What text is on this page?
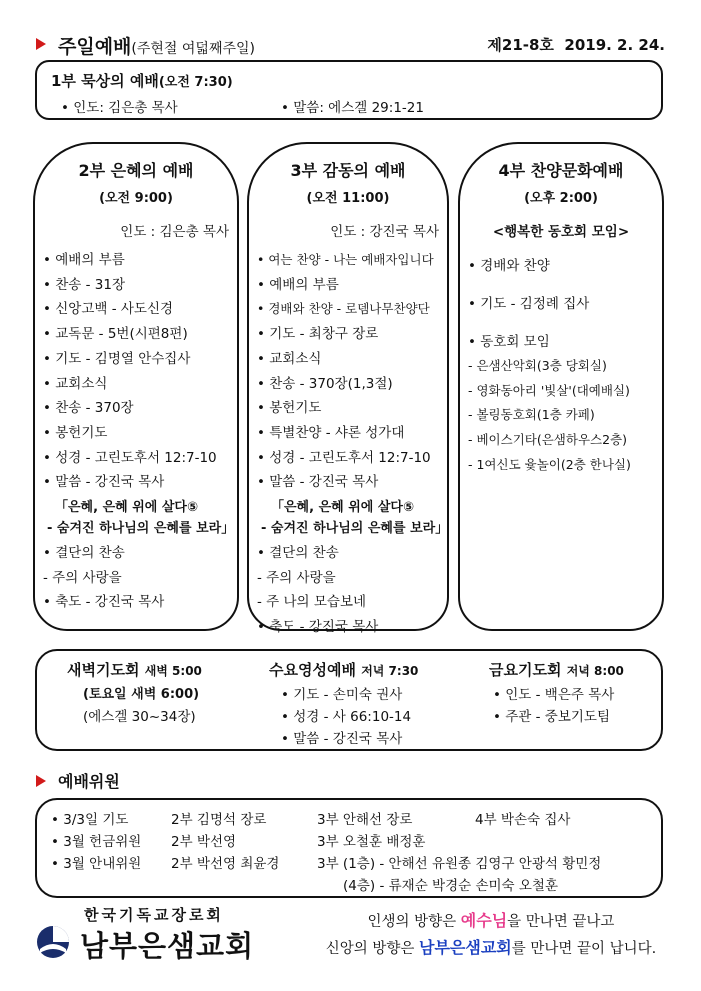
주일예배(주현절 여덟째주일)	제21-8호 2019. 2. 24.
1부 묵상의 예배(오전 7:30)
• 인도: 김은총 목사	• 말씀: 에스겔 29:1-21
2부 은혜의 예배
(오전 9:00)
인도 : 김은총 목사
• 예배의 부름
• 찬송 - 31장
• 신앙고백 - 사도신경
• 교독문 - 5번(시편8편)
• 기도 - 김명열 안수집사
• 교회소식
• 찬송 - 370장
• 봉헌기도
• 성경 - 고린도후서 12:7-10
• 말씀 - 강진국 목사
「은혜, 은혜 위에 살다⑤
- 숨겨진 하나님의 은혜를 보라」
• 결단의 찬송
- 주의 사랑을
• 축도 - 강진국 목사
3부 감동의 예배
(오전 11:00)
인도 : 강진국 목사
• 여는 찬양 - 나는 예배자입니다
• 예배의 부름
• 경배와 찬양 - 로뎀나무찬양단
• 기도 - 최창구 장로
• 교회소식
• 찬송 - 370장(1,3절)
• 봉헌기도
• 특별찬양 - 샤론 성가대
• 성경 - 고린도후서 12:7-10
• 말씀 - 강진국 목사
「은혜, 은혜 위에 살다⑤
- 숨겨진 하나님의 은혜를 보라」
• 결단의 찬송
- 주의 사랑을
- 주 나의 모습보네
• 축도 - 강진국 목사
4부 찬양문화예배
(오후 2:00)
<행복한 동호회 모임>
• 경배와 찬양
• 기도 - 김정례 집사
• 동호회 모임
- 은샘산악회(3층 당회실)
- 영화동아리 '빛살'(대예배실)
- 볼링동호회(1층 카페)
- 베이스기타(은샘하우스2층)
- 1여신도 윷놀이(2층 한나실)
새벽기도회 새벽 5:00
(토요일 새벽 6:00)
(에스겔 30~34장)
수요영성예배 저녁 7:30
• 기도 - 손미숙 권사
• 성경 - 사 66:10-14
• 말씀 - 강진국 목사
금요기도회 저녁 8:00
• 인도 - 백은주 목사
• 주관 - 중보기도팀
예배위원
• 3/3일 기도	2부 김명석 장로	3부 안해선 장로	4부 박손숙 집사
• 3월 헌금위원 2부 박선영	3부 오철훈 배정훈
• 3월 안내위원 2부 박선영 최윤경	3부 (1층) - 안해선 유원종 김영구 안광석 황민정
(4층) - 류재순 박경순 손미숙 오철훈
한국기독교장로회
남부은샘교회
인생의 방향은 예수님을 만나면 끝나고
신앙의 방향은 남부은샘교회를 만나면 끝이 납니다.
